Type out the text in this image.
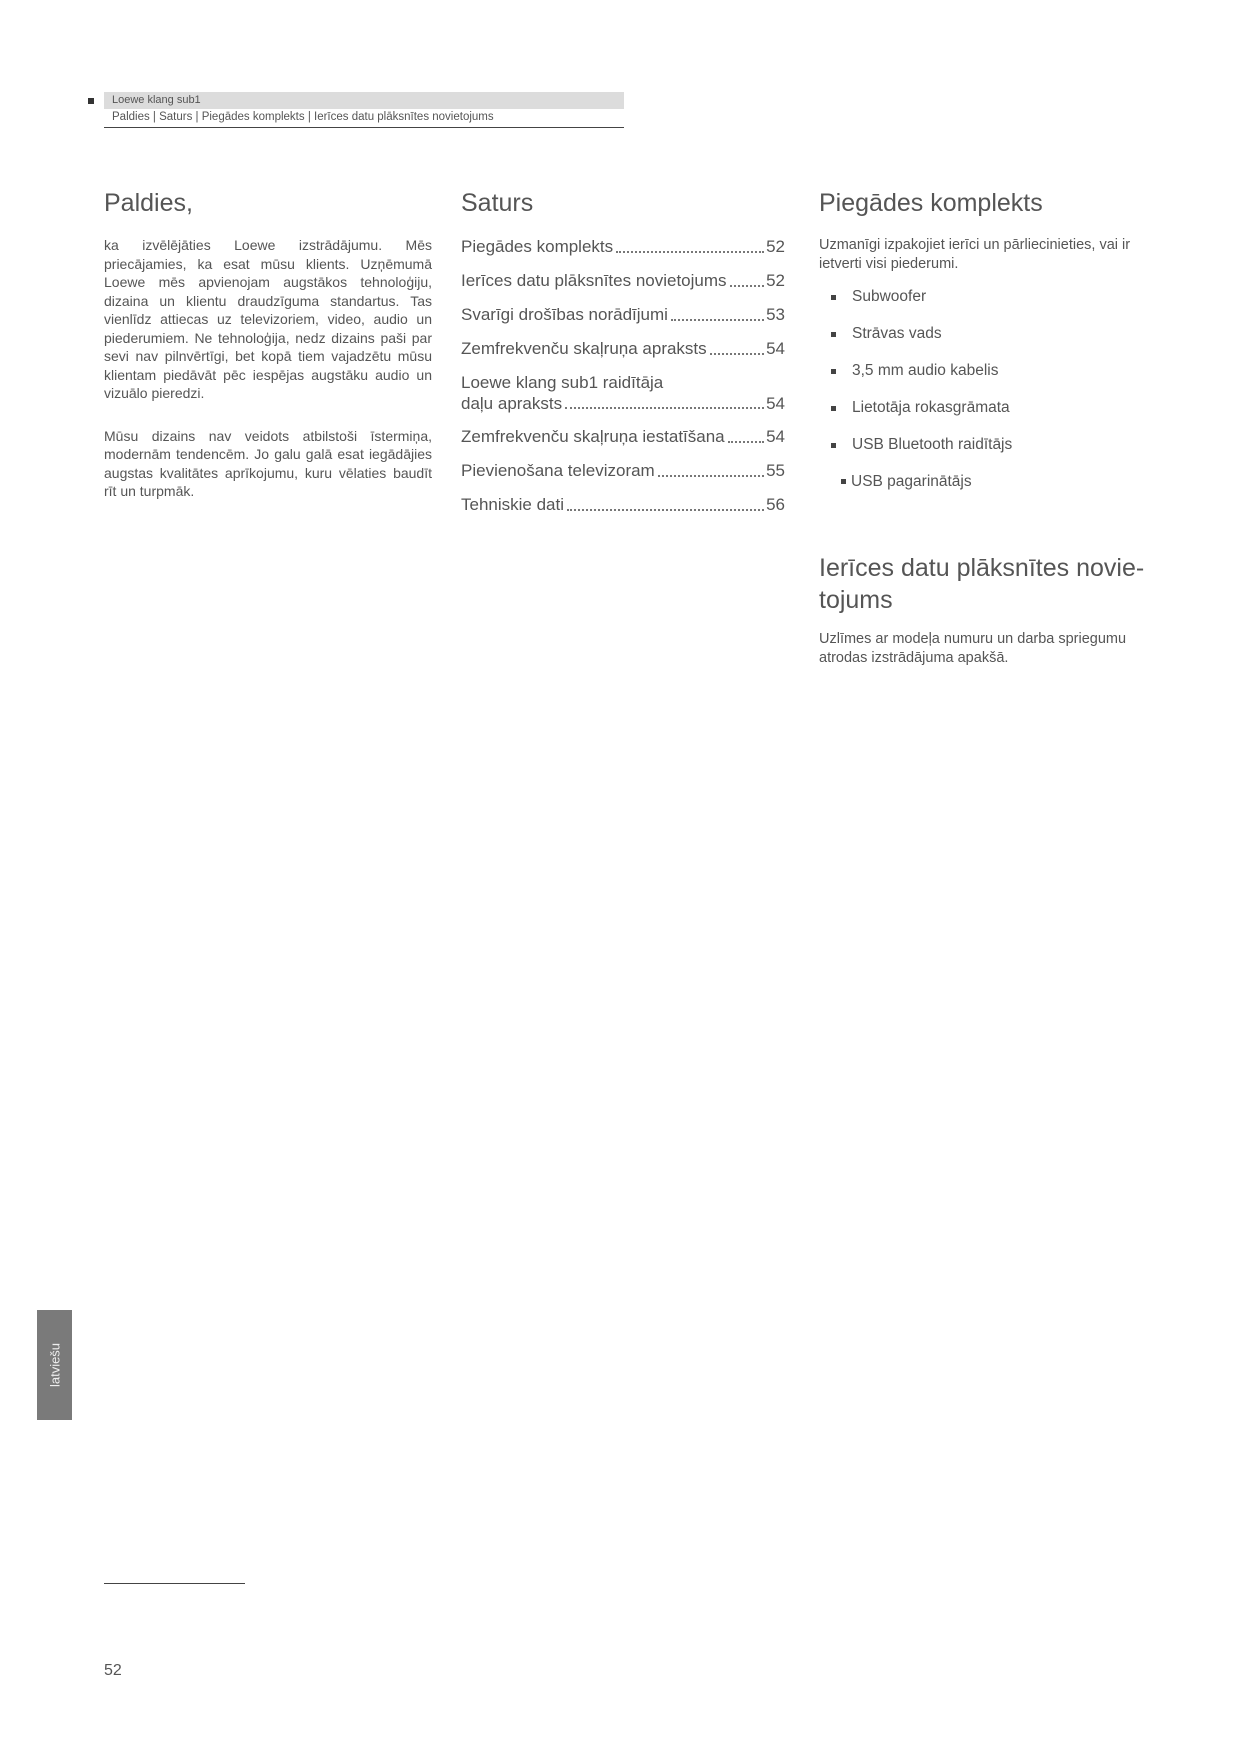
Loewe klang sub1
Paldies | Saturs | Piegādes komplekts | Ierīces datu plāksnītes novietojums
Paldies,

ka izvēlējāties Loewe izstrādājumu. Mēs priecājamies, ka esat mūsu klients. Uzņēmumā Loewe mēs apvienojam augstākos tehnoloģiju, dizaina un klientu draudzīguma standartus. Tas vienlīdz attiecas uz televizoriem, video, audio un piederumiem. Ne tehnoloģija, nedz dizains paši par sevi nav pilnvērtīgi, bet kopā tiem vajadzētu mūsu klientam piedāvāt pēc iespējas augstāku audio un vizuālo pieredzi.

Mūsu dizains nav veidots atbilstoši īstermiņa, modernām tendencēm. Jo galu galā esat iegādājies augstas kvalitātes aprīkojumu, kuru vēlaties baudīt rīt un turpmāk.

Saturs
Piegādes komplekts	52
Ierīces datu plāksnītes novietojums 52
Svarīgi drošības norādījumi	53
Zemfrekvenču skaļruņa apraksts	54
Loewe klang sub1 raidītāja
daļu apraksts	54
Zemfrekvenču skaļruņa iestatīšana 54
Pievienošana televizoram	55
Tehniskie dati	56
Piegādes komplekts

Uzmanīgi izpakojiet ierīci un pārliecinieties, vai ir ietverti visi piederumi.

Subwoofer
Strāvas vads
3,5 mm audio kabelis
Lietotāja rokasgrāmata
USB Bluetooth raidītājs
USB pagarinātājs
Ierīces datu plāksnītes novie-
tojums

Uzlīmes ar modeļa numuru un darba spriegumu atrodas izstrādājuma apakšā.

latviešu
52
